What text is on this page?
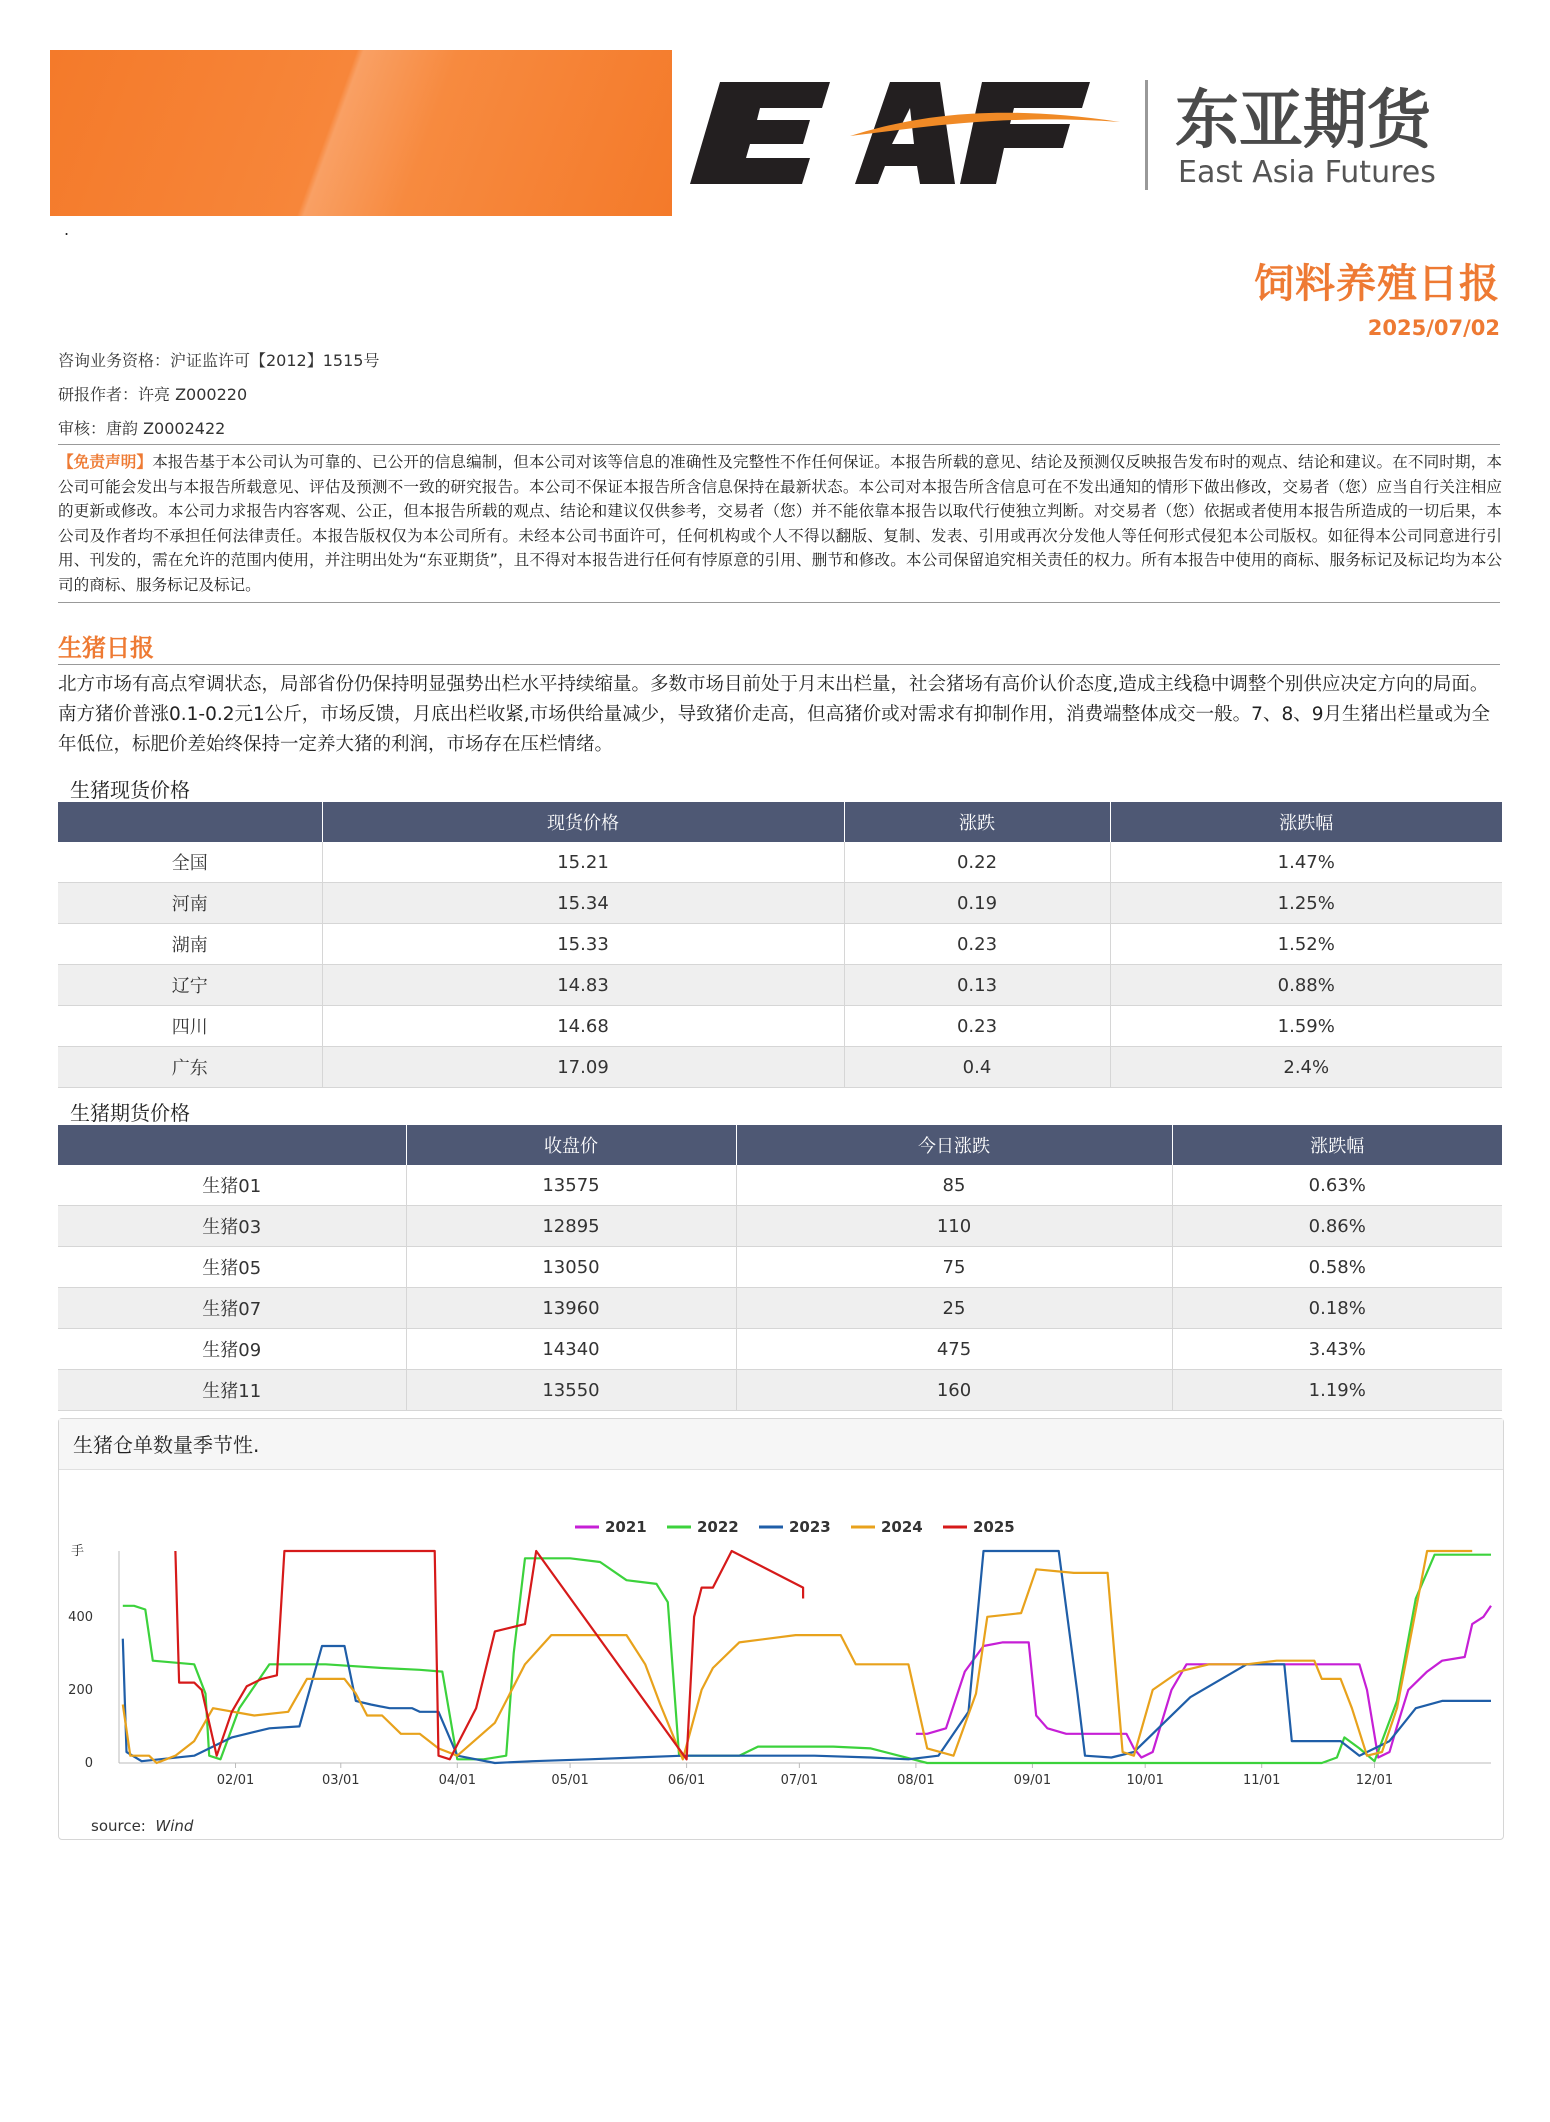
.
东亚期货
East Asia Futures
饲料养殖日报
2025/07/02
咨询业务资格：沪证监许可【2012】1515号
研报作者：许亮 Z000220
审核：唐韵 Z0002422
【免责声明】本报告基于本公司认为可靠的、已公开的信息编制，但本公司对该等信息的准确性及完整性不作任何保证。本报告所载的意见、结论及预测仅反映报告发布时的观点、结论和建议。在不同时期，本公司可能会发出与本报告所载意见、评估及预测不一致的研究报告。本公司不保证本报告所含信息保持在最新状态。本公司对本报告所含信息可在不发出通知的情形下做出修改，交易者（您）应当自行关注相应的更新或修改。本公司力求报告内容客观、公正，但本报告所载的观点、结论和建议仅供参考，交易者（您）并不能依靠本报告以取代行使独立判断。对交易者（您）依据或者使用本报告所造成的一切后果，本公司及作者均不承担任何法律责任。本报告版权仅为本公司所有。未经本公司书面许可，任何机构或个人不得以翻版、复制、发表、引用或再次分发他人等任何形式侵犯本公司版权。如征得本公司同意进行引用、刊发的，需在允许的范围内使用，并注明出处为“东亚期货”，且不得对本报告进行任何有悖原意的引用、删节和修改。本公司保留追究相关责任的权力。所有本报告中使用的商标、服务标记及标记均为本公司的商标、服务标记及标记。
生猪日报
北方市场有高点窄调状态，局部省份仍保持明显强势出栏水平持续缩量。多数市场目前处于月末出栏量，社会猪场有高价认价态度,造成主线稳中调整个别供应决定方向的局面。南方猪价普涨0.1-0.2元1公斤，市场反馈，月底出栏收紧,市场供给量减少，导致猪价走高，但高猪价或对需求有抑制作用，消费端整体成交一般。7、8、9月生猪出栏量或为全年低位，标肥价差始终保持一定养大猪的利润，市场存在压栏情绪。
生猪现货价格
	现货价格	涨跌	涨跌幅
全国	15.21	0.22	1.47%
河南	15.34	0.19	1.25%
湖南	15.33	0.23	1.52%
辽宁	14.83	0.13	0.88%
四川	14.68	0.23	1.59%
广东	17.09	0.4	2.4%
生猪期货价格
	收盘价	今日涨跌	涨跌幅
生猪01	13575	85	0.63%
生猪03	12895	110	0.86%
生猪05	13050	75	0.58%
生猪07	13960	25	0.18%
生猪09	14340	475	3.43%
生猪11	13550	160	1.19%
生猪仓单数量季节性.
手
0
200
400
02/01	03/01	04/01	05/01	06/01	07/01	08/01	09/01	10/01	11/01	12/01
2021	2022	2023	2024	2025
source: Wind
